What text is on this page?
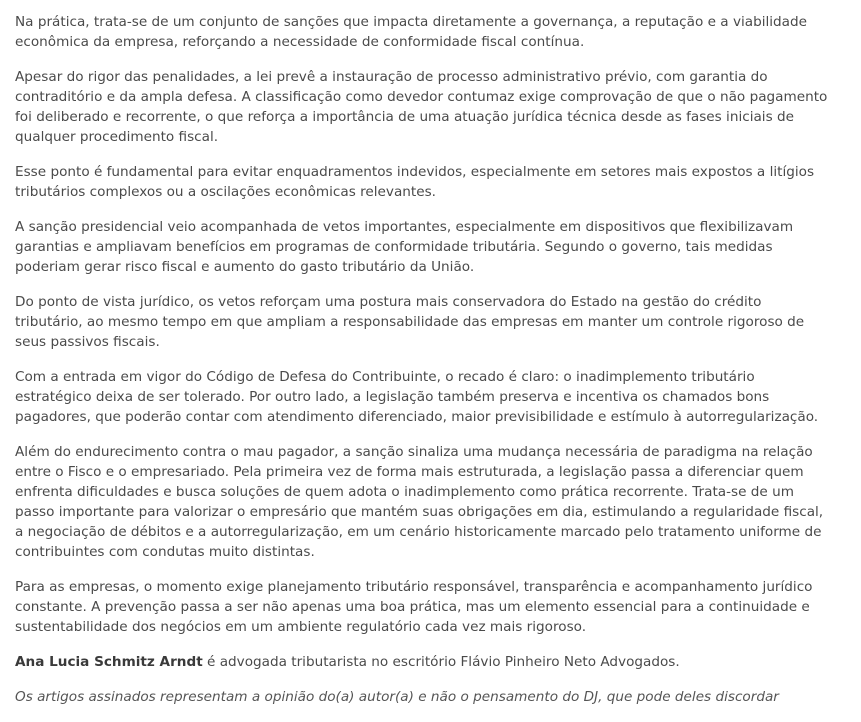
Na prática, trata-se de um conjunto de sanções que impacta diretamente a governança, a reputação e a viabilidade econômica da empresa, reforçando a necessidade de conformidade fiscal contínua.

Apesar do rigor das penalidades, a lei prevê a instauração de processo administrativo prévio, com garantia do contraditório e da ampla defesa. A classificação como devedor contumaz exige comprovação de que o não pagamento foi deliberado e recorrente, o que reforça a importância de uma atuação jurídica técnica desde as fases iniciais de qualquer procedimento fiscal.

Esse ponto é fundamental para evitar enquadramentos indevidos, especialmente em setores mais expostos a litígios tributários complexos ou a oscilações econômicas relevantes.

A sanção presidencial veio acompanhada de vetos importantes, especialmente em dispositivos que flexibilizavam garantias e ampliavam benefícios em programas de conformidade tributária. Segundo o governo, tais medidas poderiam gerar risco fiscal e aumento do gasto tributário da União.

Do ponto de vista jurídico, os vetos reforçam uma postura mais conservadora do Estado na gestão do crédito tributário, ao mesmo tempo em que ampliam a responsabilidade das empresas em manter um controle rigoroso de seus passivos fiscais.

Com a entrada em vigor do Código de Defesa do Contribuinte, o recado é claro: o inadimplemento tributário estratégico deixa de ser tolerado. Por outro lado, a legislação também preserva e incentiva os chamados bons pagadores, que poderão contar com atendimento diferenciado, maior previsibilidade e estímulo à autorregularização.

Além do endurecimento contra o mau pagador, a sanção sinaliza uma mudança necessária de paradigma na relação entre o Fisco e o empresariado. Pela primeira vez de forma mais estruturada, a legislação passa a diferenciar quem enfrenta dificuldades e busca soluções de quem adota o inadimplemento como prática recorrente. Trata-se de um passo importante para valorizar o empresário que mantém suas obrigações em dia, estimulando a regularidade fiscal, a negociação de débitos e a autorregularização, em um cenário historicamente marcado pelo tratamento uniforme de contribuintes com condutas muito distintas.

Para as empresas, o momento exige planejamento tributário responsável, transparência e acompanhamento jurídico constante. A prevenção passa a ser não apenas uma boa prática, mas um elemento essencial para a continuidade e sustentabilidade dos negócios em um ambiente regulatório cada vez mais rigoroso.

Ana Lucia Schmitz Arndt é advogada tributarista no escritório Flávio Pinheiro Neto Advogados.

Os artigos assinados representam a opinião do(a) autor(a) e não o pensamento do DJ, que pode deles discordar
